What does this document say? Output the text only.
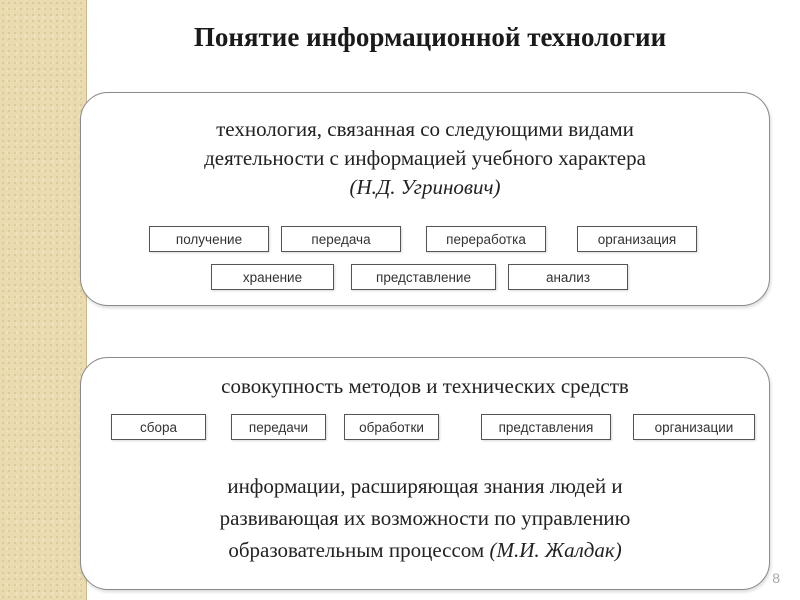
Понятие информационной технологии
технология, связанная со следующими видами
деятельности с информацией учебного характера
(Н.Д. Угринович)
получение	передача	переработка	организация
хранение	представление	анализ
совокупность методов и технических средств
сбора	передачи	обработки	представления	организации
информации, расширяющая знания людей и
развивающая их возможности по управлению
образовательным процессом (М.И. Жалдак)
8
